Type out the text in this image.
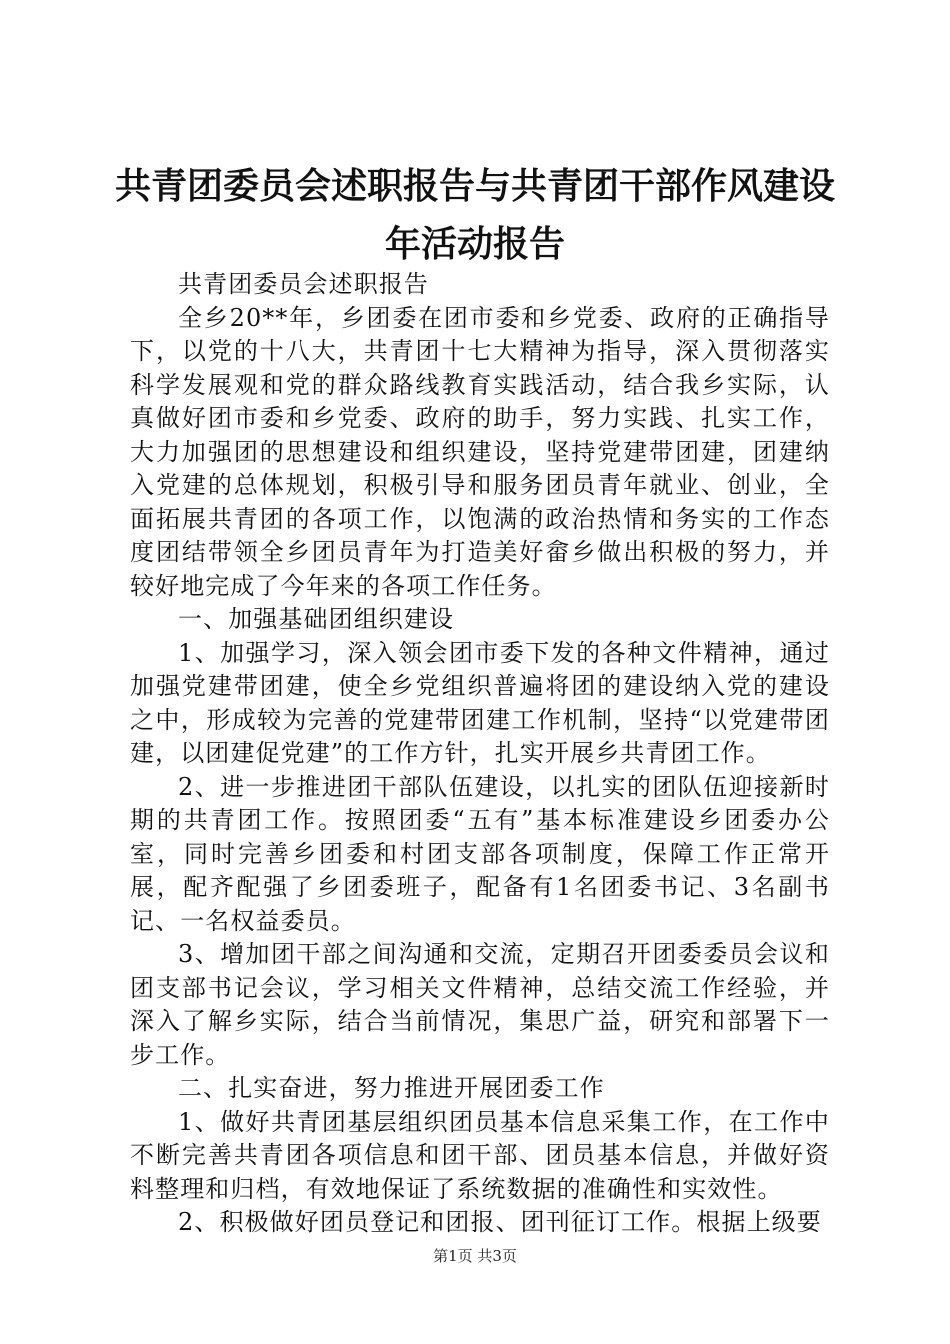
共青团委员会述职报告与共青团干部作风建设年活动报告

共青团委员会述职报告

全乡20**年，乡团委在团市委和乡党委、政府的正确指导下，以党的十八大，共青团十七大精神为指导，深入贯彻落实科学发展观和党的群众路线教育实践活动，结合我乡实际，认真做好团市委和乡党委、政府的助手，努力实践、扎实工作，大力加强团的思想建设和组织建设，坚持党建带团建，团建纳入党建的总体规划，积极引导和服务团员青年就业、创业，全面拓展共青团的各项工作，以饱满的政治热情和务实的工作态度团结带领全乡团员青年为打造美好畲乡做出积极的努力，并较好地完成了今年来的各项工作任务。

一、加强基础团组织建设

1、加强学习，深入领会团市委下发的各种文件精神，通过加强党建带团建，使全乡党组织普遍将团的建设纳入党的建设之中，形成较为完善的党建带团建工作机制，坚持“以党建带团建，以团建促党建”的工作方针，扎实开展乡共青团工作。

2、进一步推进团干部队伍建设，以扎实的团队伍迎接新时期的共青团工作。按照团委“五有”基本标准建设乡团委办公室，同时完善乡团委和村团支部各项制度，保障工作正常开展，配齐配强了乡团委班子，配备有1名团委书记、3名副书记、一名权益委员。

3、增加团干部之间沟通和交流，定期召开团委委员会议和团支部书记会议，学习相关文件精神，总结交流工作经验，并深入了解乡实际，结合当前情况，集思广益，研究和部署下一步工作。

二、扎实奋进，努力推进开展团委工作

1、做好共青团基层组织团员基本信息采集工作，在工作中不断完善共青团各项信息和团干部、团员基本信息，并做好资料整理和归档，有效地保证了系统数据的准确性和实效性。

2、积极做好团员登记和团报、团刊征订工作。根据上级要

第1页 共3页
